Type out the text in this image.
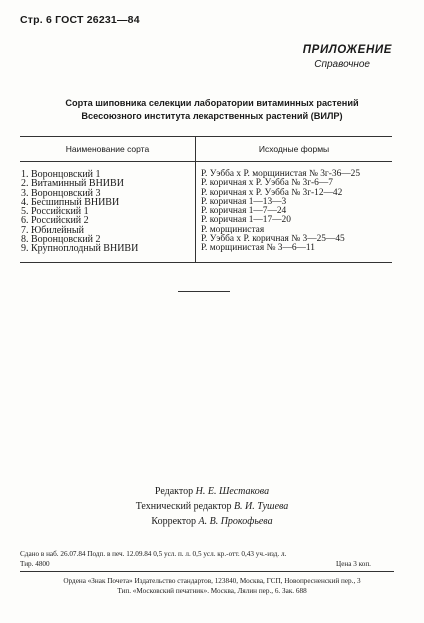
Стр. 6 ГОСТ 26231—84
ПРИЛОЖЕНИЕ
Справочное
Сорта шиповника селекции лаборатории витаминных растений
Всесоюзного института лекарственных растений (ВИЛР)
Наименование сорта	Исходные формы
1. Воронцовский 1
2. Витаминный ВНИВИ
3. Воронцовский 3
4. Бесшипный ВНИВИ
5. Российский 1
6. Российский 2
7. Юбилейный
8. Воронцовский 2
9. Крупноплодный ВНИВИ
Р. Уэбба х Р. морщинистая № 3г-36—25
Р. коричная х Р. Уэбба № 3г-6—7
Р. коричная х Р. Уэбба № 3г-12—42
Р. коричная 1—13—3
Р. коричная 1—7—24
Р. коричная 1—17—20
Р. морщинистая
Р. Уэбба х Р. коричная № 3—25—45
Р. морщинистая № 3—6—11
Редактор Н. Е. Шестакова
Технический редактор В. И. Тушева
Корректор А. В. Прокофьева
Сдано в наб. 26.07.84 Подп. в печ. 12.09.84 0,5 усл. п. л. 0,5 усл. кр.-отт. 0,43 уч.-изд. л.
Тир. 4800	Цена 3 коп.
Ордена «Знак Почета» Издательство стандартов, 123840, Москва, ГСП, Новопресненский пер., 3
Тип. «Московский печатник». Москва, Лялин пер., 6. Зак. 688
